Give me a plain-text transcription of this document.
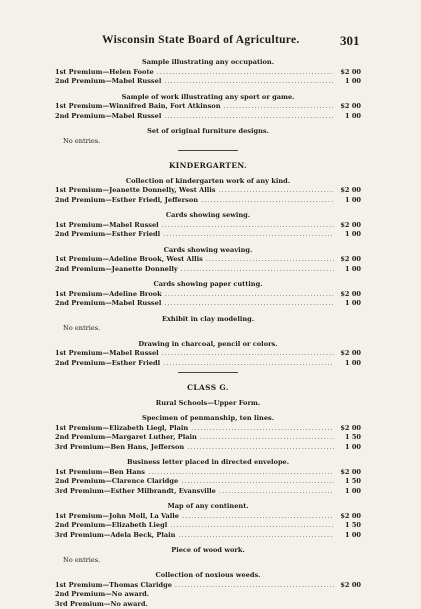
Wisconsin State Board of Agriculture.	301
Sample illustrating any occupation.
1st Premium—Helen Foote .....	$2 00
2nd Premium—Mabel Russel .....	1 00
Sample of work illustrating any sport or game.
1st Premium—Winnifred Bain, Fort Atkinson .....	$2 00
2nd Premium—Mabel Russel .....	1 00
Set of original furniture designs.
No entries.
KINDERGARTEN.
Collection of kindergarten work of any kind.
1st Premium—Jeanette Donnelly, West Allis .....	$2 00
2nd Premium—Esther Friedl, Jefferson .....	1 00
Cards showing sewing.
1st Premium—Mabel Russel .....	$2 00
2nd Premium—Esther Friedl .....	1 00
Cards showing weaving.
1st Premium—Adeline Brook, West Allis .....	$2 00
2nd Premium—Jeanette Donnelly .....	1 00
Cards showing paper cutting.
1st Premium—Adeline Brook .....	$2 00
2nd Premium—Mabel Russel .....	1 00
Exhibit in clay modeling.
No entries.
Drawing in charcoal, pencil or colors.
1st Premium—Mabel Russel .....	$2 00
2nd Premium—Esther Friedl .....	1 00
CLASS G.
Rural Schools—Upper Form.
Specimen of penmanship, ten lines.
1st Premium—Elizabeth Liegl, Plain .....	$2 00
2nd Premium—Margaret Luther, Plain .....	1 50
3rd Premium—Ben Hans, Jefferson .....	1 00
Business letter placed in directed envelope.
1st Premium—Ben Hans .....	$2 00
2nd Premium—Clarence Claridge .....	1 50
3rd Premium—Esther Milbrandt, Evansville .....	1 00
Map of any continent.
1st Premium—John Moll, La Valle .....	$2 00
2nd Premium—Elizabeth Liegl .....	1 50
3rd Premium—Adela Beck, Plain .....	1 00
Piece of wood work.
No entries.
Collection of noxious weeds.
1st Premium—Thomas Claridge .....	$2 00
2nd Premium—No award.
3rd Premium—No award.
